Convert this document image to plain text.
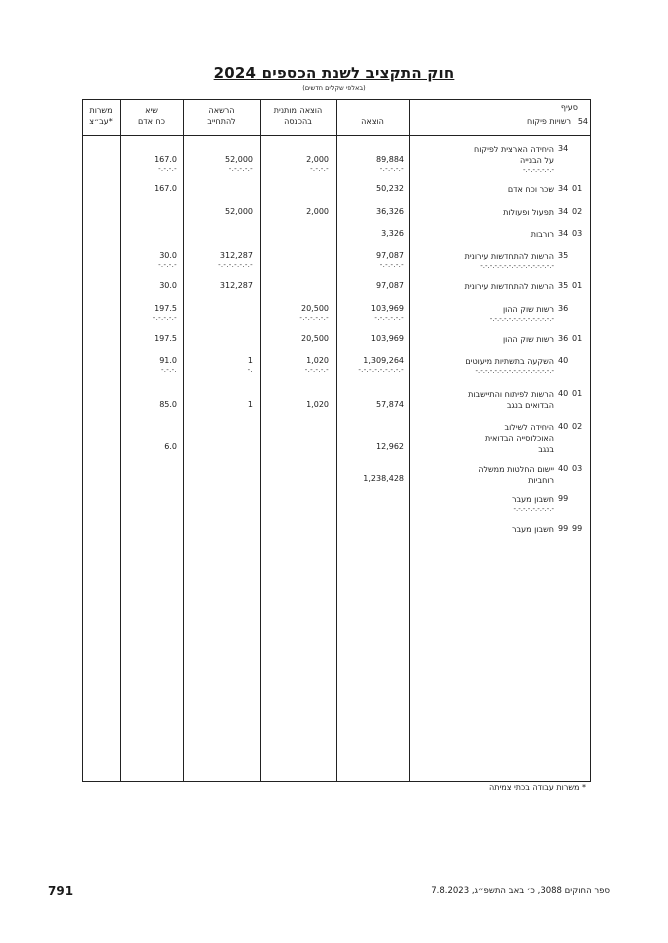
חוק התקציב לשנת הכספים 2024
(באלפי שקלים חדשים)
סעיף
54
רשויות פיקוח
הוצאה
הוצאה מותנית
בהכנסה
הרשאה
להתחייב
שיא
כח אדם
משרות
עב״צ*
34
היחידה הארצית לפיקוח
על הבנייה
-.-.-.-.-.-.-
89,884
-.-.-.-.-
2,000
-.-.-.-
52,000
-.-.-.-.-
167.0
-.-.-.-
34 01
שכר וכח אדם
50,232
167.0
34 02
תפעול ופעולות
36,326
2,000
52,000
34 03
רורבות
3,326
35
הרשות להתחדשות עירונית
-.-.-.-.-.-.-.-.-.-.-.-.-.-.-.-
97,087
-.-.-.-.-
312,287
-.-.-.-.-.-.-
30.0
-.-.-.-
35 01
הרשות להתחדשות עירונית
97,087
312,287
30.0
36
רשות שוק ההון
-.-.-.-.-.-.-.-.-.-.-.-.-.-
103,969
-.-.-.-.-.-
20,500
-.-.-.-.-.-
197.5
-.-.-.-.-
36 01
רשות שוק ההון
103,969
20,500
197.5
40
השקעה בתשתיות מיעוטים
-.-.-.-.-.-.-.-.-.-.-.-.-.-.-.-.-
1,309,264
-.-.-.-.-.-.-.-.-
1,020
-.-.-.-.-
1
-.
91.0
-.-.-.
40 01
הרשות לפיתוח והתיישבות
הבדואים בנגב
57,874
1,020
1
85.0
40 02
היחידה לשילוב
האוכלוסייה הבדואית
בנגב
12,962
6.0
40 03
יישום החלטות ממשלה
רוחביות
1,238,428
99
חשבון מעבר
-.-.-.-.-.-.-.-.-
99 99
חשבון מעבר
* משרות עבודה בכתי צמיתה
791	ספר החוקים 3088, כ׳ באב התשפ״ג, 7.8.2023
